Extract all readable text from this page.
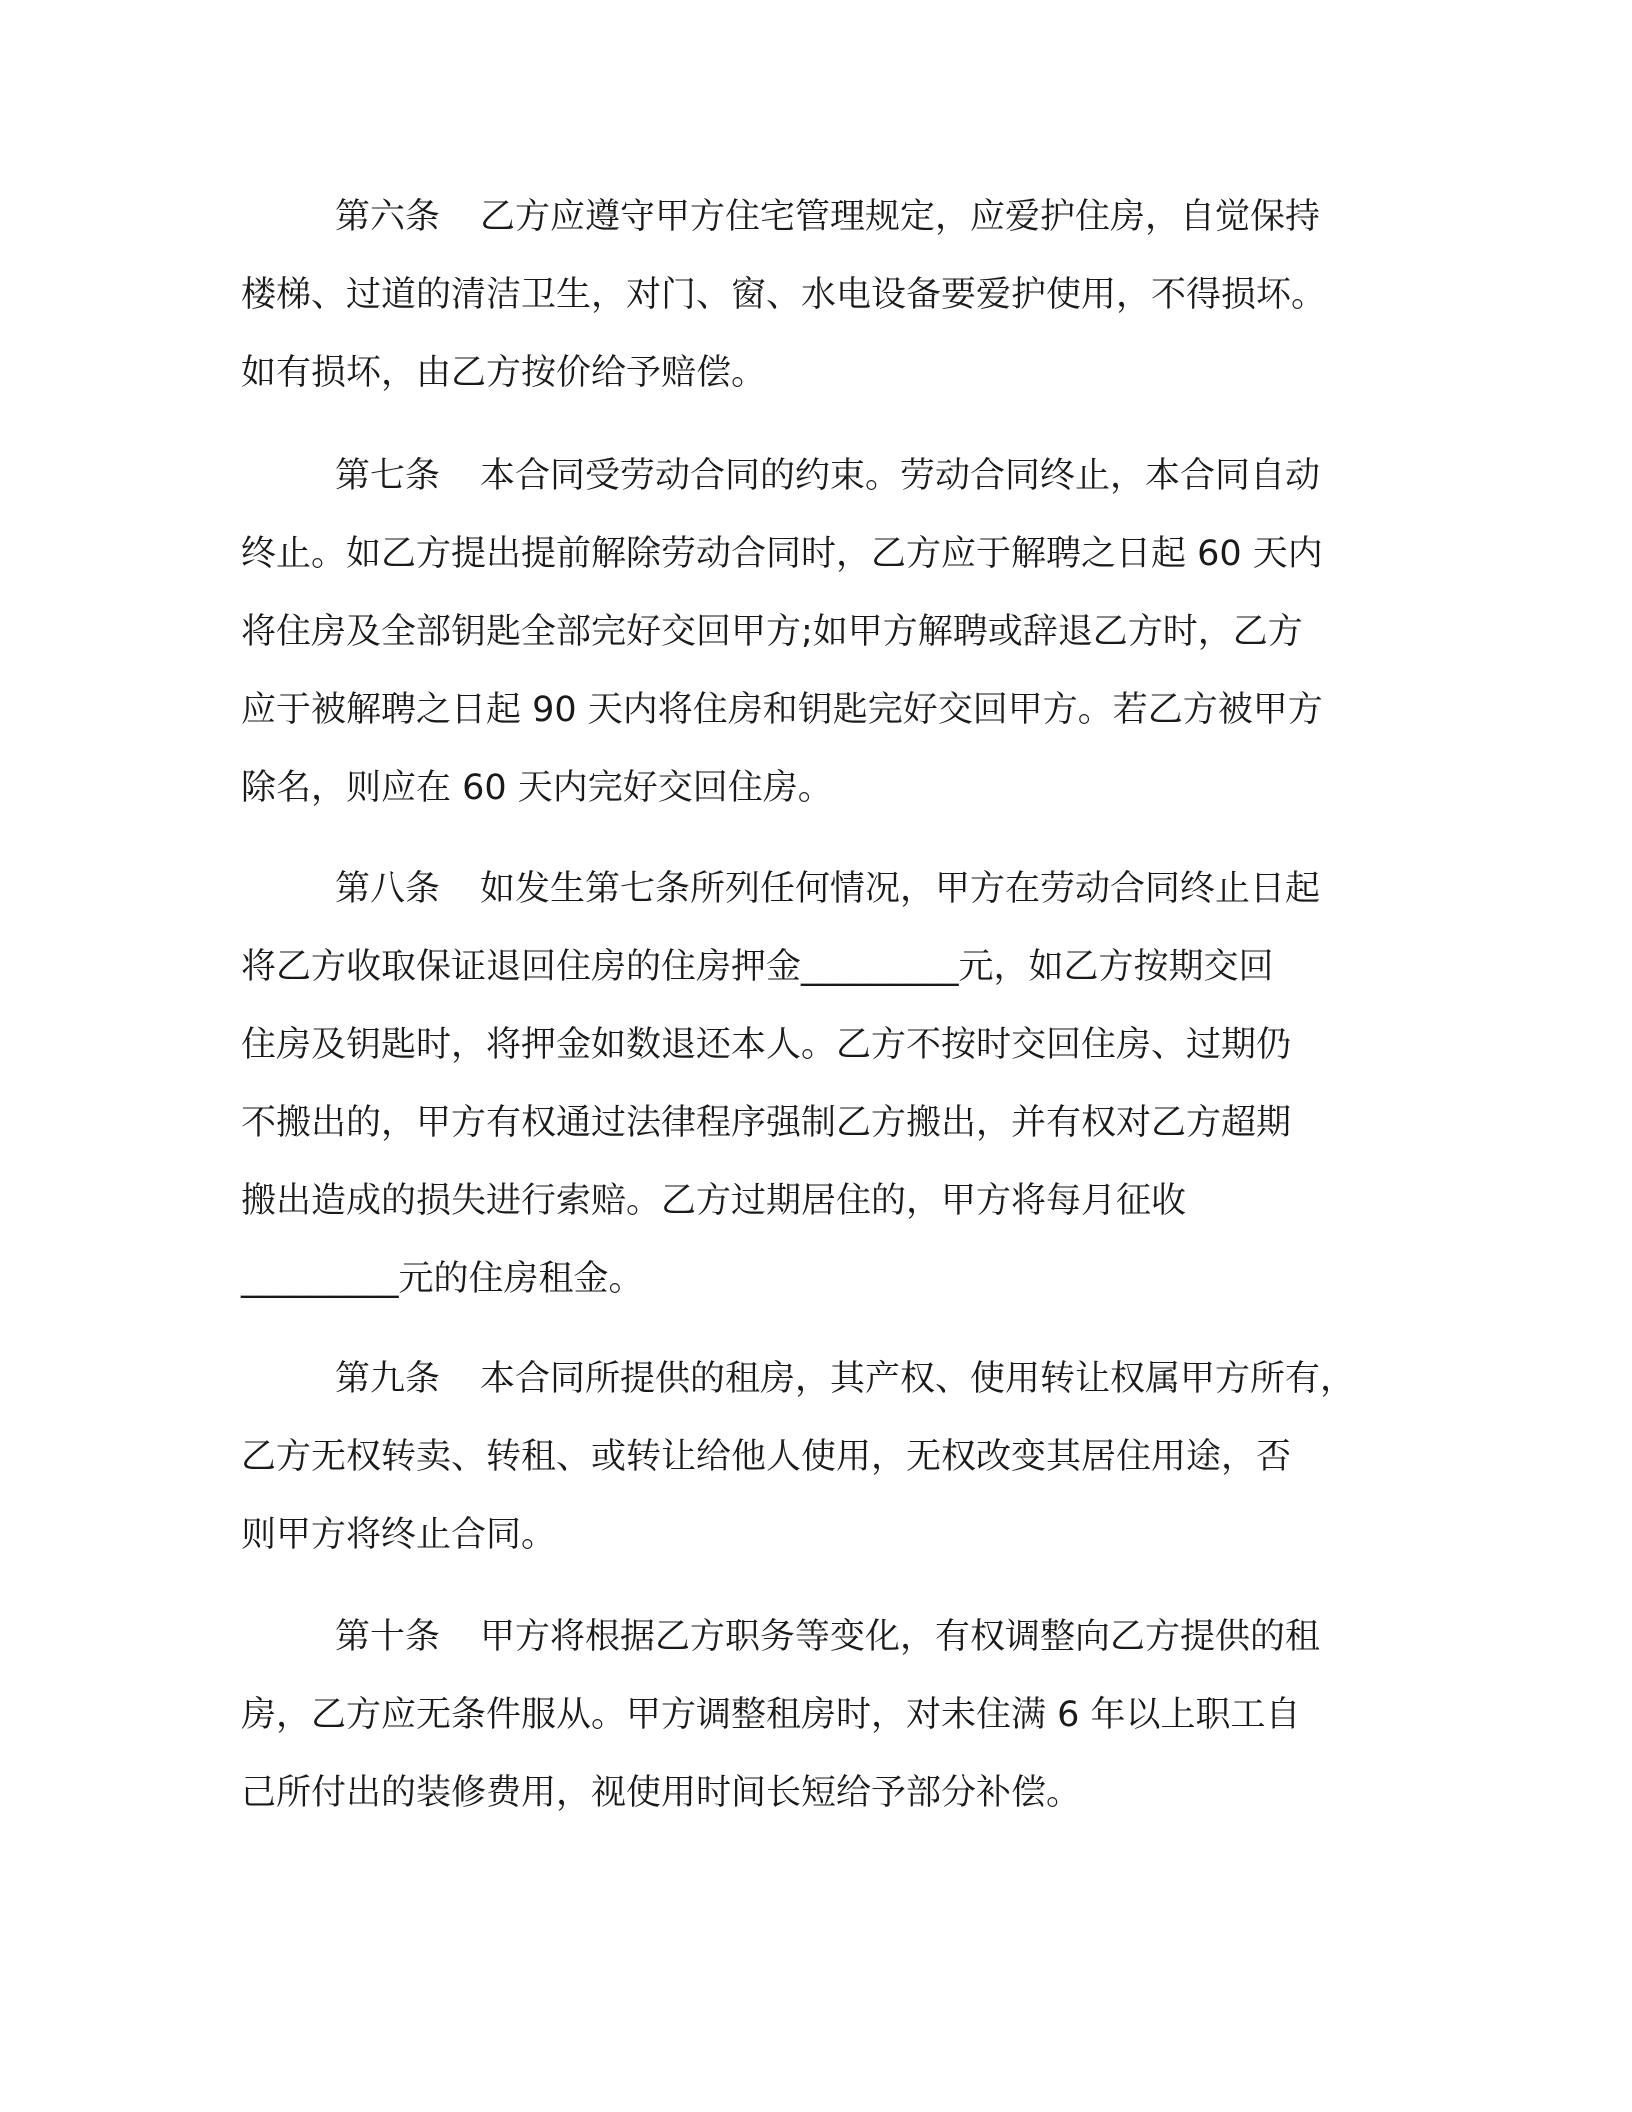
第六条 乙方应遵守甲方住宅管理规定，应爱护住房，自觉保持
楼梯、过道的清洁卫生，对门、窗、水电设备要爱护使用，不得损坏。
如有损坏，由乙方按价给予赔偿。
第七条 本合同受劳动合同的约束。劳动合同终止，本合同自动
终止。如乙方提出提前解除劳动合同时，乙方应于解聘之日起 60 天内
将住房及全部钥匙全部完好交回甲方;如甲方解聘或辞退乙方时，乙方
应于被解聘之日起 90 天内将住房和钥匙完好交回甲方。若乙方被甲方
除名，则应在 60 天内完好交回住房。
第八条 如发生第七条所列任何情况，甲方在劳动合同终止日起
将乙方收取保证退回住房的住房押金_________元，如乙方按期交回
住房及钥匙时，将押金如数退还本人。乙方不按时交回住房、过期仍
不搬出的，甲方有权通过法律程序强制乙方搬出，并有权对乙方超期
搬出造成的损失进行索赔。乙方过期居住的，甲方将每月征收
_________元的住房租金。
第九条 本合同所提供的租房，其产权、使用转让权属甲方所有，
乙方无权转卖、转租、或转让给他人使用，无权改变其居住用途，否
则甲方将终止合同。
第十条 甲方将根据乙方职务等变化，有权调整向乙方提供的租
房，乙方应无条件服从。甲方调整租房时，对未住满 6 年以上职工自
己所付出的装修费用，视使用时间长短给予部分补偿。
